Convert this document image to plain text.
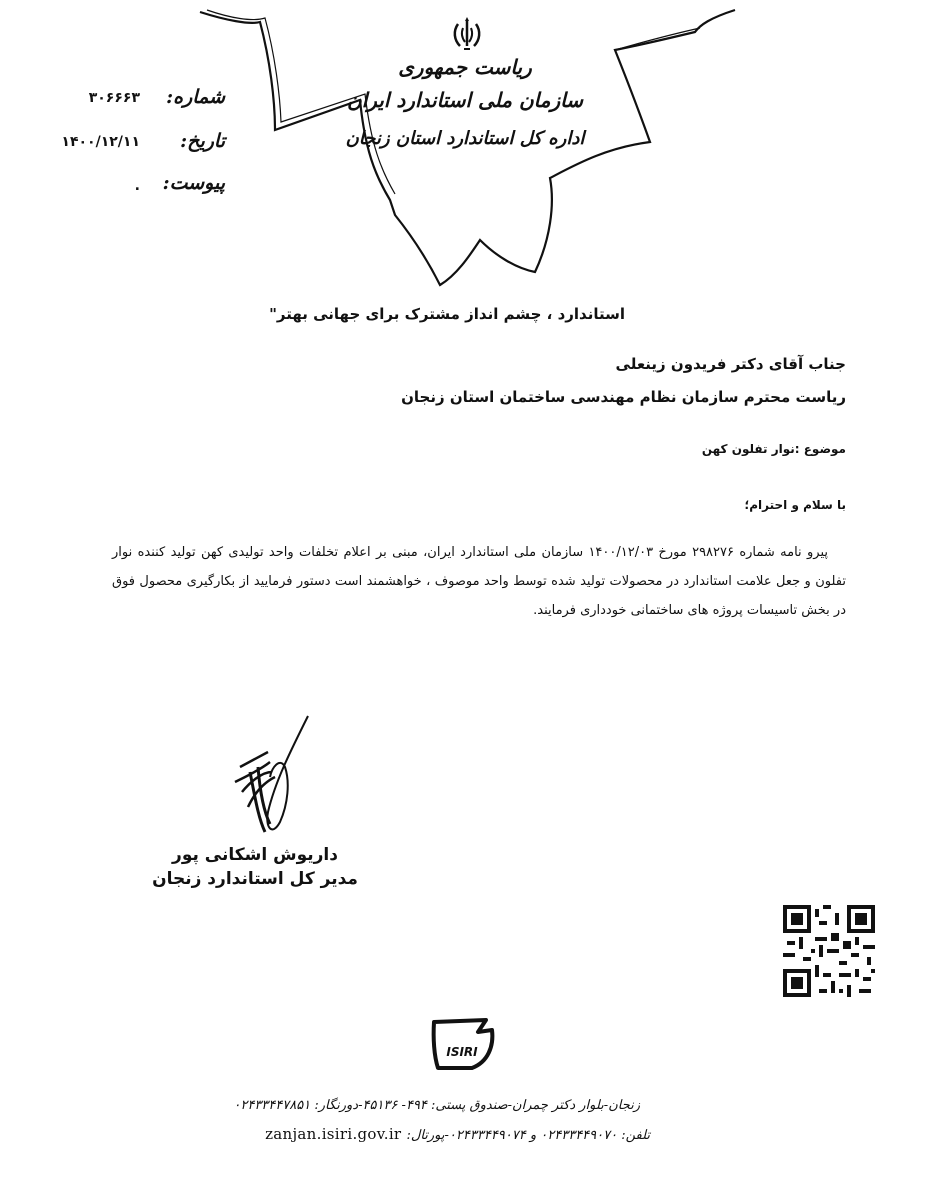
ریاست جمهوری
سازمان ملی استاندارد ایران
اداره کل استاندارد استان زنجان
شماره:
۳۰۶۶۶۳
تاریخ:
۱۴۰۰/۱۲/۱۱
پیوست:
.
استاندارد ، چشم انداز مشترک برای جهانی بهتر"
جناب آقای دکتر فریدون زینعلی
ریاست محترم سازمان نظام مهندسی ساختمان استان زنجان
موضوع :نوار تفلون کهن
با سلام و احترام؛
پیرو نامه شماره ۲۹۸۲۷۶ مورخ ۱۴۰۰/۱۲/۰۳ سازمان ملی استاندارد ایران، مبنی بر اعلام تخلفات واحد تولیدی کهن تولید کننده نوار تفلون و جعل علامت استاندارد در محصولات تولید شده توسط واحد موصوف ، خواهشمند است دستور فرمایید از بکارگیری محصول فوق در بخش تاسیسات پروژه های ساختمانی خودداری فرمایند.
داریوش اشکانی پور
مدیر کل استاندارد زنجان
ISIRI
زنجان-بلوار دکتر چمران-صندوق پستی: ۴۹۴- ۴۵۱۳۶-دورنگار: ۰۲۴۳۳۴۴۷۸۵۱
تلفن: ۰۲۴۳۳۴۴۹۰۷۰ و ۰۲۴۳۳۴۴۹۰۷۴-پورتال: zanjan.isiri.gov.ir
